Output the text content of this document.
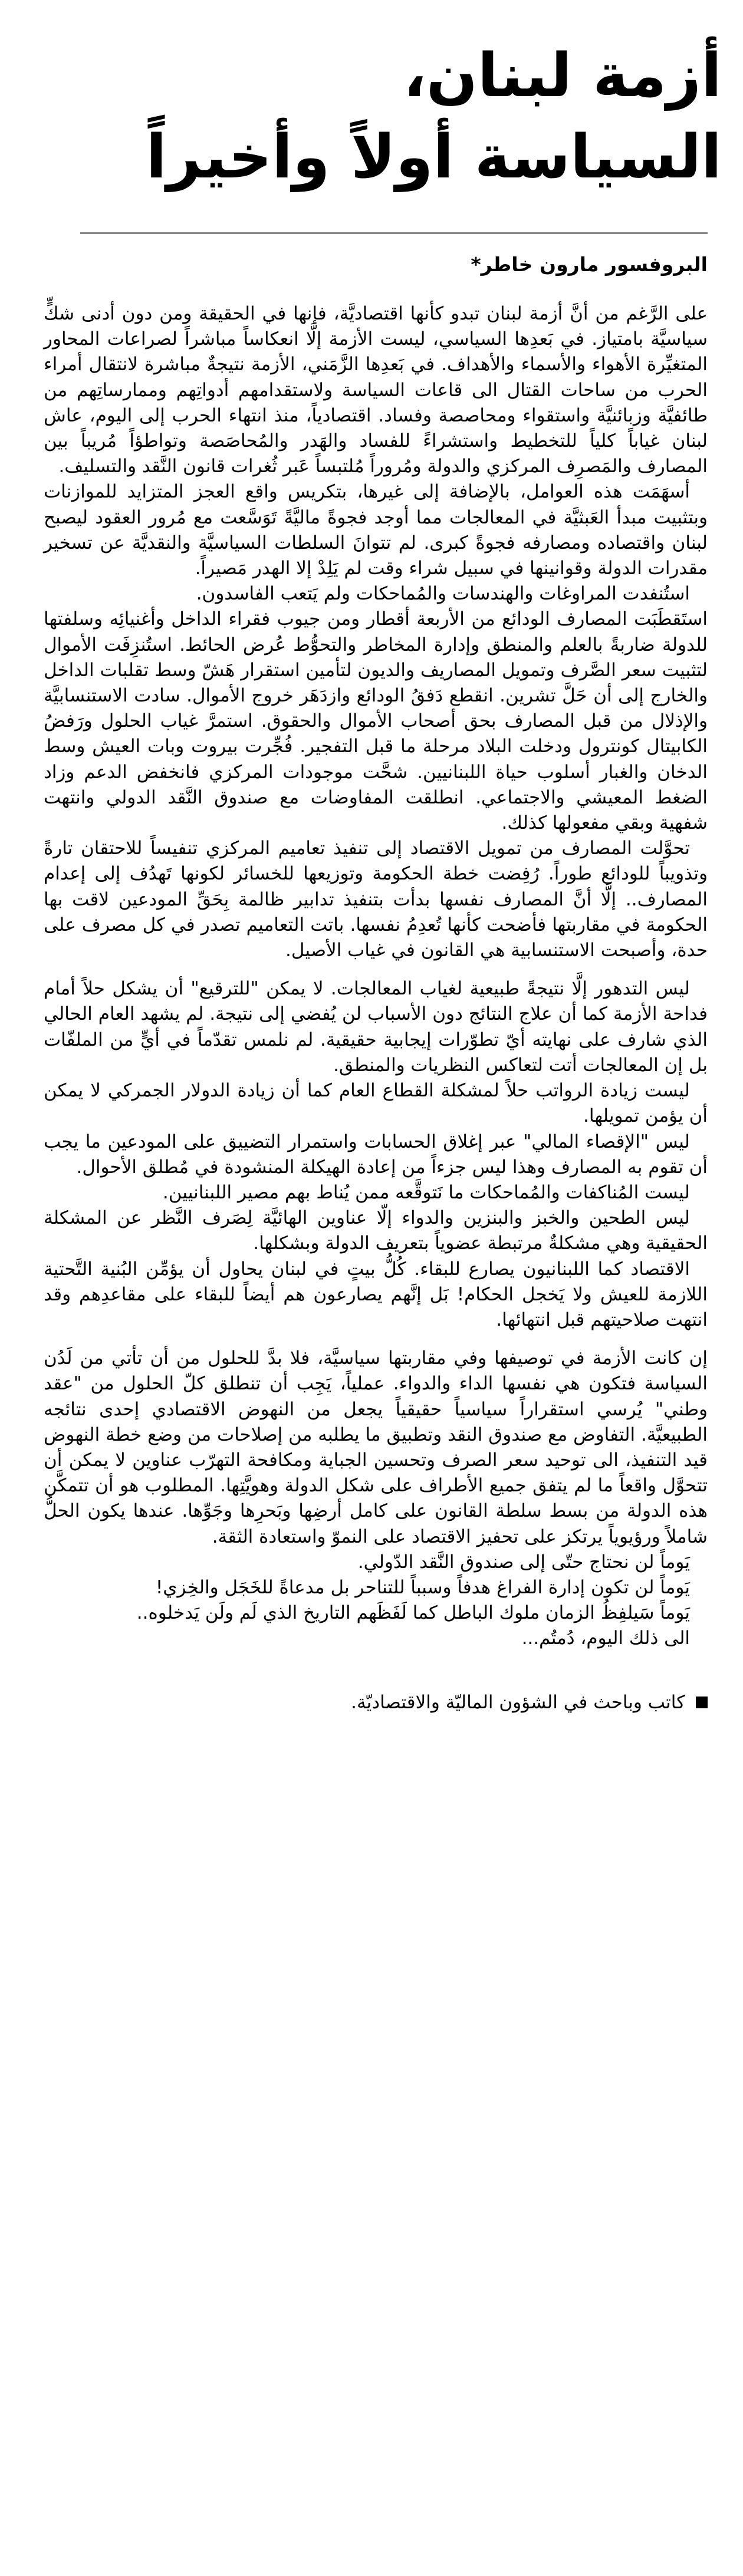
أزمة لبنان،
السياسة أولاً وأخيراً
البروفسور مارون خاطر*

على الرَّغم من أنَّ أزمة لبنان تبدو كأنها اقتصاديَّة، فإنها في الحقيقة ومن دون أدنى شكٍّ سياسيَّة بامتياز. في بَعدِها السياسي، ليست الأزمة إلَّا انعكاساً مباشراً لصراعات المحاور المتغيِّرة الأهواء والأسماء والأهداف. في بَعدِها الزَّمَني، الأزمة نتيجةٌ مباشرة لانتقال أمراء الحرب من ساحات القتال الى قاعات السياسة ولاستقدامهم أدواتِهم وممارساتِهم من طائفيَّة وزبائنيَّة واستقواء ومحاصصة وفساد. اقتصادياً، منذ انتهاء الحرب إلى اليوم، عاش لبنان غياباً كلياً للتخطيط واستشراءً للفساد والهَدر والمُحاصَصة وتواطؤاً مُريباً بين المصارف والمَصرِف المركزي والدولة ومُروراً مُلتبساً عَبر ثُغرات قانون النَّقد والتسليف.

أسهَمَت هذه العوامل، بالإضافة إلى غيرها، بتكريس واقع العجز المتزايد للموازنات وبتثبيت مبدأ العَبثيَّة في المعالجات مما أوجد فجوةً ماليَّةً تَوَسَّعت مع مُرور العقود ليصبح لبنان واقتصاده ومصارفه فجوةً كبرى. لم تتوانَ السلطات السياسيَّة والنقديَّة عن تسخير مقدرات الدولة وقوانينها في سبيل شراء وقت لم يَلِدْ إلا الهدر مَصيراً.

استُنفدت المراوغات والهندسات والمُماحكات ولم يَتعب الفاسدون.

استَقطَبَت المصارف الودائع من الأربعة أقطار ومن جيوب فقراء الداخل وأغنيائِه وسلفتها للدولة ضاربةً بالعلم والمنطق وإدارة المخاطر والتحوُّط عُرض الحائط. استُنزِفَت الأموال لتثبيت سعر الصَّرف وتمويل المصاريف والديون لتأمين استقرار هَشّ وسط تقلبات الداخل والخارج إلى أن حَلَّ تشرين. انقطع دَفقُ الودائع وازدَهَر خروج الأموال. سادت الاستنسابيَّة والإذلال من قبل المصارف بحق أصحاب الأموال والحقوق. استمرَّ غياب الحلول ورَفضُ الكابيتال كونترول ودخلت البلاد مرحلة ما قبل التفجير. فُجِّرت بيروت وبات العيش وسط الدخان والغبار أسلوب حياة اللبنانيين. شحَّت موجودات المركزي فانخفض الدعم وزاد الضغط المعيشي والاجتماعي. انطلقت المفاوضات مع صندوق النَّقد الدولي وانتهت شفهية وبقي مفعولها كذلك.

تحوَّلت المصارف من تمويل الاقتصاد إلى تنفيذ تعاميم المركزي تنفيساً للاحتقان تارةً وتذويباً للودائع طوراً. رُفِضت خطة الحكومة وتوزيعها للخسائر لكونها تَهدُف إلى إعدام المصارف.. إلَّا أنَّ المصارف نفسها بدأت بتنفيذ تدابير ظالمة بِحَقِّ المودعين لاقت بها الحكومة في مقاربتها فأضحت كأنها تُعدِمُ نفسها. باتت التعاميم تصدر في كل مصرف على حدة، وأصبحت الاستنسابية هي القانون في غياب الأصيل.

ليس التدهور إلَّا نتيجةً طبيعية لغياب المعالجات. لا يمكن "للترقيع" أن يشكل حلاً أمام فداحة الأزمة كما أن علاج النتائج دون الأسباب لن يُفضي إلى نتيجة. لم يشهد العام الحالي الذي شارف على نهايته أيّ تطوّرات إيجابية حقيقية. لم نلمس تقدّماً في أيٍّ من الملفّات بل إن المعالجات أتت لتعاكس النظريات والمنطق.

ليست زيادة الرواتب حلاً لمشكلة القطاع العام كما أن زيادة الدولار الجمركي لا يمكن أن يؤمن تمويلها.

ليس "الإقصاء المالي" عبر إغلاق الحسابات واستمرار التضييق على المودعين ما يجب أن تقوم به المصارف وهذا ليس جزءاً من إعادة الهيكلة المنشودة في مُطلق الأحوال.

ليست المُناكفات والمُماحكات ما نَتوقَّعه ممن يُناط بهم مصير اللبنانيين.

ليس الطحين والخبز والبنزين والدواء إلّا عناوين الهائيَّة لِصَرف النَّظر عن المشكلة الحقيقية وهي مشكلةٌ مرتبطة عضوياً بتعريف الدولة وبشكلها.

الاقتصاد كما اللبنانيون يصارع للبقاء. كُلُّ بيتٍ في لبنان يحاول أن يؤمِّن البُنية التَّحتية اللازمة للعيش ولا يَخجل الحكام! بَل إنَّهم يصارعون هم أيضاً للبقاء على مقاعدِهم وقد انتهت صلاحيتهم قبل انتهائها.

إن كانت الأزمة في توصيفها وفي مقاربتها سياسيَّة، فلا بدَّ للحلول من أن تأتي من لَدُن السياسة فتكون هي نفسها الداء والدواء. عملياً، يَجِب أن تنطلق كلّ الحلول من "عقد وطني" يُرسي استقراراً سياسياً حقيقياً يجعل من النهوض الاقتصادي إحدى نتائجه الطبيعيَّة. التفاوض مع صندوق النقد وتطبيق ما يطلبه من إصلاحات من وضع خطة النهوض قيد التنفيذ، الى توحيد سعر الصرف وتحسين الجباية ومكافحة التهرّب عناوين لا يمكن أن تتحوَّل واقعاً ما لم يتفق جميع الأطراف على شكل الدولة وهويَّتِها. المطلوب هو أن تتمكَّن هذه الدولة من بسط سلطة القانون على كامل أرضِها وبَحرِها وجَوِّها. عندها يكون الحلُّ شاملاً ورؤيوياً يرتكز على تحفيز الاقتصاد على النموّ واستعادة الثقة.

يَوماً لن نحتاج حتّى إلى صندوق النَّقد الدّولي.

يَوماً لن تكون إدارة الفراغ هدفاً وسبباً للتناحر بل مدعاةً للخَجَل والخِزي!

يَوماً سَيلفِظُ الزمان ملوك الباطل كما لَفَظَهم التاريخ الذي لَم ولَن يَدخلوه..

الى ذلك اليوم، دُمتُم...

كاتب وباحث في الشؤون الماليّة والاقتصاديّة.
